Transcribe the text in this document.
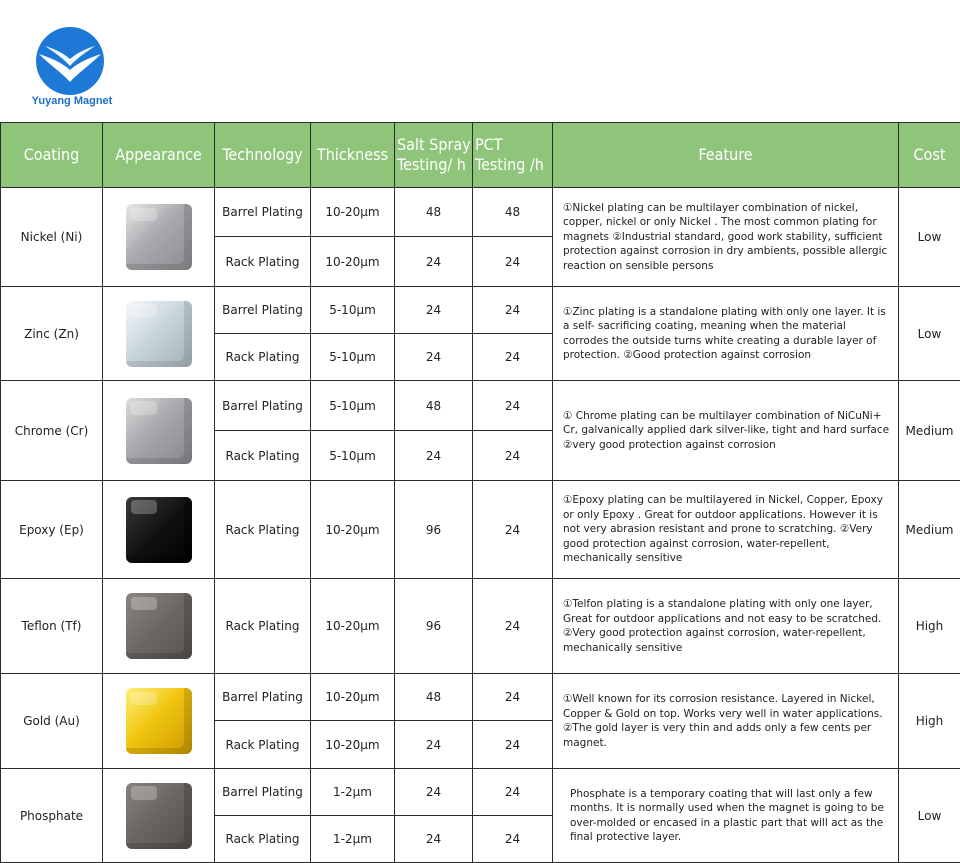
Yuyang Magnet
Coating	Appearance	Technology	Thickness	Salt Spray Testing/ h	PCT Testing /h	Feature	Cost
Nickel (Ni)		Barrel Plating	10-20μm	48	48	①Nickel plating can be multilayer combination of nickel, copper, nickel or only Nickel . The most common plating for magnets ②Industrial standard, good work stability, sufficient protection against corrosion in dry ambients, possible allergic reaction on sensible persons	Low
		Rack Plating	10-20μm	24	24		
Zinc (Zn)		Barrel Plating	5-10μm	24	24	①Zinc plating is a standalone plating with only one layer. It is a self- sacrificing coating, meaning when the material corrodes the outside turns white creating a durable layer of protection. ②Good protection against corrosion	Low
		Rack Plating	5-10μm	24	24		
Chrome (Cr)		Barrel Plating	5-10μm	48	24	① Chrome plating can be multilayer combination of NiCuNi+ Cr, galvanically applied dark silver-like, tight and hard surface ②very good protection against corrosion	Medium
		Rack Plating	5-10μm	24	24		
Epoxy (Ep)		Rack Plating	10-20μm	96	24	①Epoxy plating can be multilayered in Nickel, Copper, Epoxy or only Epoxy . Great for outdoor applications. However it is not very abrasion resistant and prone to scratching. ②Very good protection against corrosion, water-repellent, mechanically sensitive	Medium
Teflon (Tf)		Rack Plating	10-20μm	96	24	①Telfon plating is a standalone plating with only one layer, Great for outdoor applications and not easy to be scratched. ②Very good protection against corrosion, water-repellent, mechanically sensitive	High
Gold (Au)		Barrel Plating	10-20μm	48	24	①Well known for its corrosion resistance. Layered in Nickel, Copper & Gold on top. Works very well in water applications. ②The gold layer is very thin and adds only a few cents per magnet.	High
		Rack Plating	10-20μm	24	24		
Phosphate		Barrel Plating	1-2μm	24	24	Phosphate is a temporary coating that will last only a few months. It is normally used when the magnet is going to be over-molded or encased in a plastic part that will act as the final protective layer.	Low
		Rack Plating	1-2μm	24	24		
